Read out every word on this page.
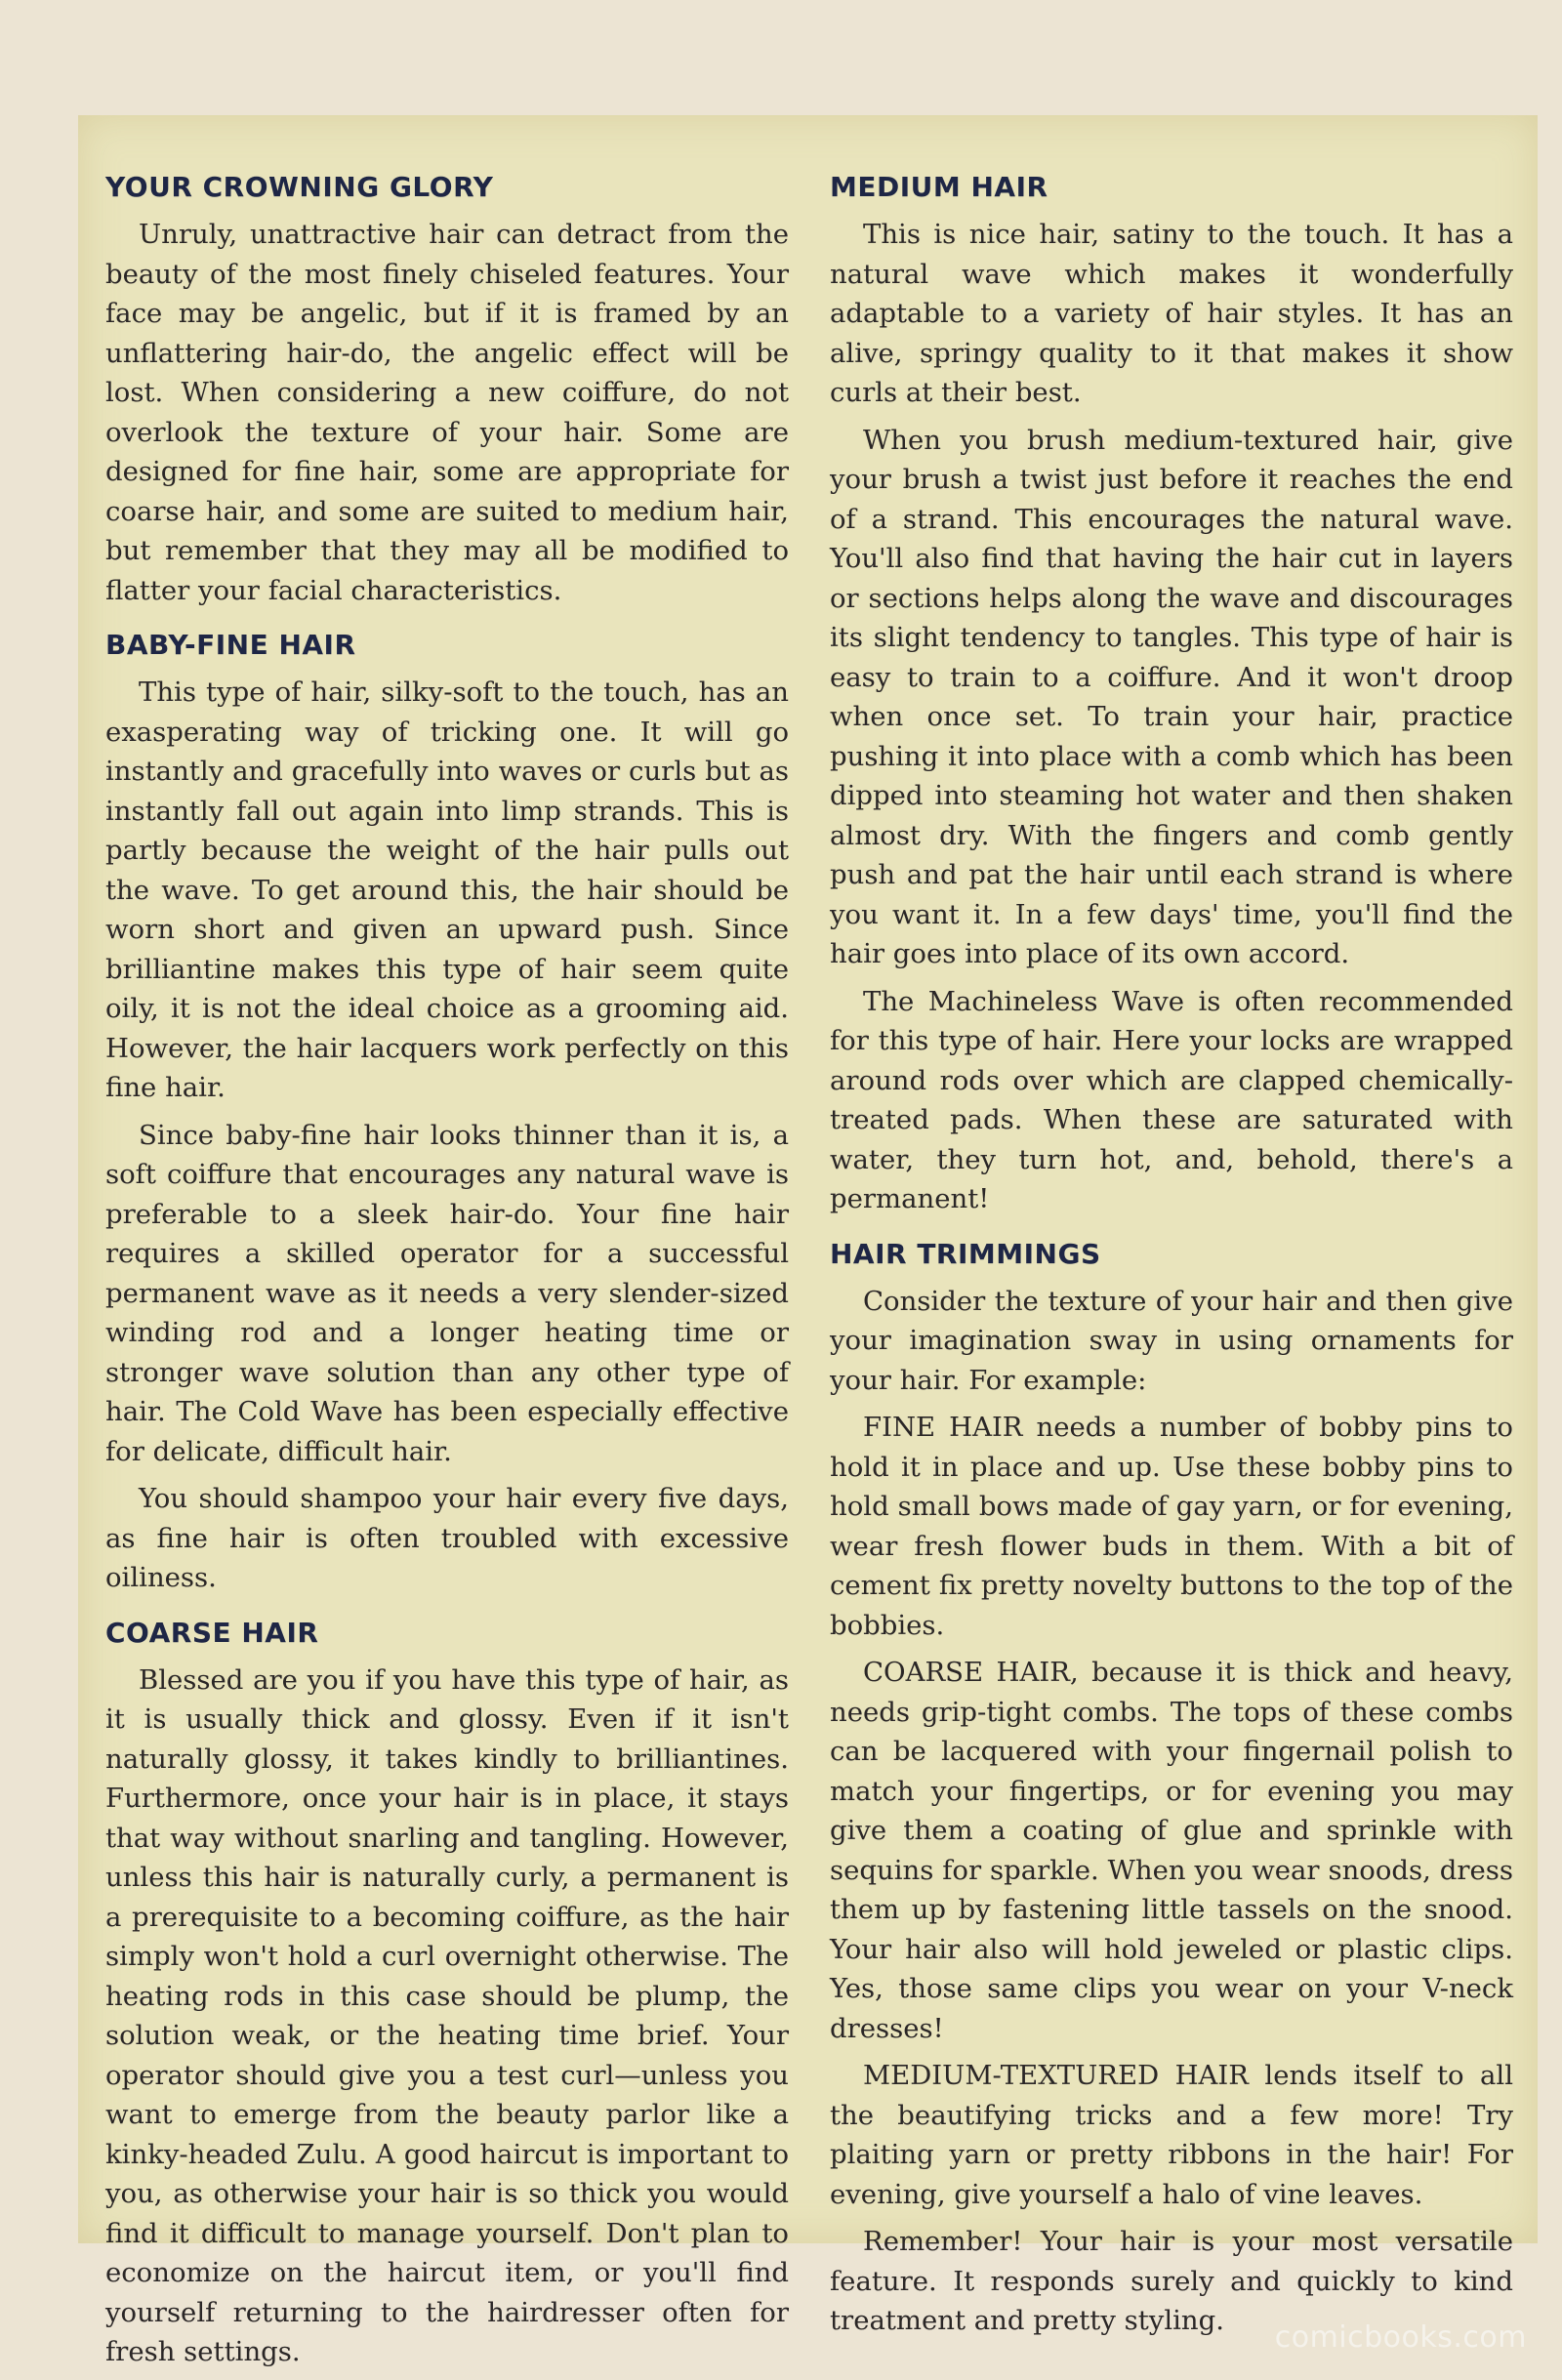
YOUR CROWNING GLORY

Unruly, unattractive hair can detract from the beauty of the most finely chiseled features. Your face may be angelic, but if it is framed by an unflattering hair-do, the angelic effect will be lost. When considering a new coiffure, do not overlook the texture of your hair. Some are designed for fine hair, some are appropriate for coarse hair, and some are suited to medium hair, but remember that they may all be modified to flatter your facial characteristics.

BABY-FINE HAIR

This type of hair, silky-soft to the touch, has an exasperating way of tricking one. It will go instantly and gracefully into waves or curls but as instantly fall out again into limp strands. This is partly because the weight of the hair pulls out the wave. To get around this, the hair should be worn short and given an upward push. Since brilliantine makes this type of hair seem quite oily, it is not the ideal choice as a grooming aid. However, the hair lacquers work perfectly on this fine hair.

Since baby-fine hair looks thinner than it is, a soft coiffure that encourages any natural wave is preferable to a sleek hair-do. Your fine hair requires a skilled operator for a successful permanent wave as it needs a very slender-sized winding rod and a longer heating time or stronger wave solution than any other type of hair. The Cold Wave has been especially effective for delicate, difficult hair.

You should shampoo your hair every five days, as fine hair is often troubled with excessive oiliness.

COARSE HAIR

Blessed are you if you have this type of hair, as it is usually thick and glossy. Even if it isn't naturally glossy, it takes kindly to brilliantines. Furthermore, once your hair is in place, it stays that way without snarling and tangling. However, unless this hair is naturally curly, a permanent is a prerequisite to a becoming coiffure, as the hair simply won't hold a curl overnight otherwise. The heating rods in this case should be plump, the solution weak, or the heating time brief. Your operator should give you a test curl—unless you want to emerge from the beauty parlor like a kinky-headed Zulu. A good haircut is important to you, as otherwise your hair is so thick you would find it difficult to manage yourself. Don't plan to economize on the haircut item, or you'll find yourself returning to the hairdresser often for fresh settings.

MEDIUM HAIR

This is nice hair, satiny to the touch. It has a natural wave which makes it wonderfully adaptable to a variety of hair styles. It has an alive, springy quality to it that makes it show curls at their best.

When you brush medium-textured hair, give your brush a twist just before it reaches the end of a strand. This encourages the natural wave. You'll also find that having the hair cut in layers or sections helps along the wave and discourages its slight tendency to tangles. This type of hair is easy to train to a coiffure. And it won't droop when once set. To train your hair, practice pushing it into place with a comb which has been dipped into steaming hot water and then shaken almost dry. With the fingers and comb gently push and pat the hair until each strand is where you want it. In a few days' time, you'll find the hair goes into place of its own accord.

The Machineless Wave is often recommended for this type of hair. Here your locks are wrapped around rods over which are clapped chemically-treated pads. When these are saturated with water, they turn hot, and, behold, there's a permanent!

HAIR TRIMMINGS

Consider the texture of your hair and then give your imagination sway in using ornaments for your hair. For example:

FINE HAIR needs a number of bobby pins to hold it in place and up. Use these bobby pins to hold small bows made of gay yarn, or for evening, wear fresh flower buds in them. With a bit of cement fix pretty novelty buttons to the top of the bobbies.

COARSE HAIR, because it is thick and heavy, needs grip-tight combs. The tops of these combs can be lacquered with your fingernail polish to match your fingertips, or for evening you may give them a coating of glue and sprinkle with sequins for sparkle. When you wear snoods, dress them up by fastening little tassels on the snood. Your hair also will hold jeweled or plastic clips. Yes, those same clips you wear on your V-neck dresses!

MEDIUM-TEXTURED HAIR lends itself to all the beautifying tricks and a few more! Try plaiting yarn or pretty ribbons in the hair! For evening, give yourself a halo of vine leaves.

Remember! Your hair is your most versatile feature. It responds surely and quickly to kind treatment and pretty styling.	comicbooks.com
